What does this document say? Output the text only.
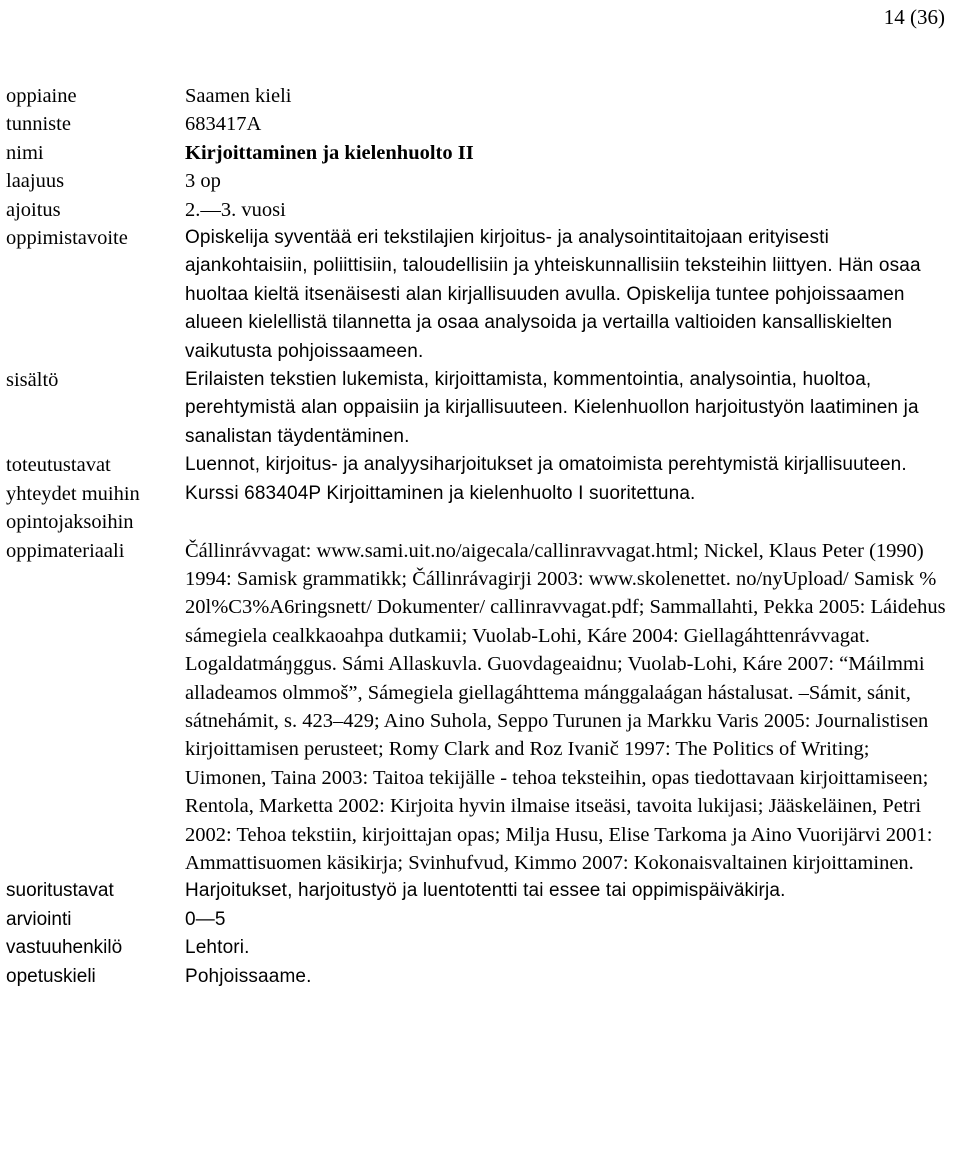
14 (36)
oppiaine	Saamen kieli
tunniste	683417A
nimi	Kirjoittaminen ja kielenhuolto II
laajuus	3 op
ajoitus	2.—3. vuosi
oppimistavoite	Opiskelija syventää eri tekstilajien kirjoitus- ja analysointitaitojaan erityisesti ajankohtaisiin, poliittisiin, taloudellisiin ja yhteiskunnallisiin teksteihin liittyen. Hän osaa huoltaa kieltä itsenäisesti alan kirjallisuuden avulla. Opiskelija tuntee pohjoissaamen alueen kielellistä tilannetta ja osaa analysoida ja vertailla valtioiden kansalliskielten vaikutusta pohjoissaameen.
sisältö	Erilaisten tekstien lukemista, kirjoittamista, kommentointia, analysointia, huoltoa, perehtymistä alan oppaisiin ja kirjallisuuteen. Kielenhuollon harjoitustyön laatiminen ja sanalistan täydentäminen.
toteutustavat	Luennot, kirjoitus- ja analyysiharjoitukset ja omatoimista perehtymistä kirjallisuuteen.
yhteydet muihin opintojaksoihin	Kurssi 683404P Kirjoittaminen ja kielenhuolto I suoritettuna.
oppimateriaali	Čállinrávvagat: www.sami.uit.no/aigecala/callinravvagat.html; Nickel, Klaus Peter (1990) 1994: Samisk grammatikk; Čállinrávagirji 2003: www.skolenettet. no/nyUpload/ Samisk % 20l%C3%A6ringsnett/ Dokumenter/ callinravvagat.pdf; Sammallahti, Pekka 2005: Láidehus sámegiela cealkkaoahpa dutkamii; Vuolab-Lohi, Káre 2004: Giellagáhttenrávvagat. Logaldatmáŋggus. Sámi Allaskuvla. Guovdageaidnu; Vuolab-Lohi, Káre 2007: “Máilmmi alladeamos olmmoš”, Sámegiela giellagáhttema mánggalaágan hástalusat. –Sámit, sánit, sátnehámit, s. 423–429; Aino Suhola, Seppo Turunen ja Markku Varis 2005: Journalistisen kirjoittamisen perusteet; Romy Clark and Roz Ivanič 1997: The Politics of Writing; Uimonen, Taina 2003: Taitoa tekijälle - tehoa teksteihin, opas tiedottavaan kirjoittamiseen; Rentola, Marketta 2002: Kirjoita hyvin ilmaise itseäsi, tavoita lukijasi; Jääskeläinen, Petri 2002: Tehoa tekstiin, kirjoittajan opas; Milja Husu, Elise Tarkoma ja Aino Vuorijärvi 2001: Ammattisuomen käsikirja; Svinhufvud, Kimmo 2007: Kokonaisvaltainen kirjoittaminen.
suoritustavat	Harjoitukset, harjoitustyö ja luentotentti tai essee tai oppimispäiväkirja.
arviointi	0—5
vastuuhenkilö	Lehtori.
opetuskieli	Pohjoissaame.
